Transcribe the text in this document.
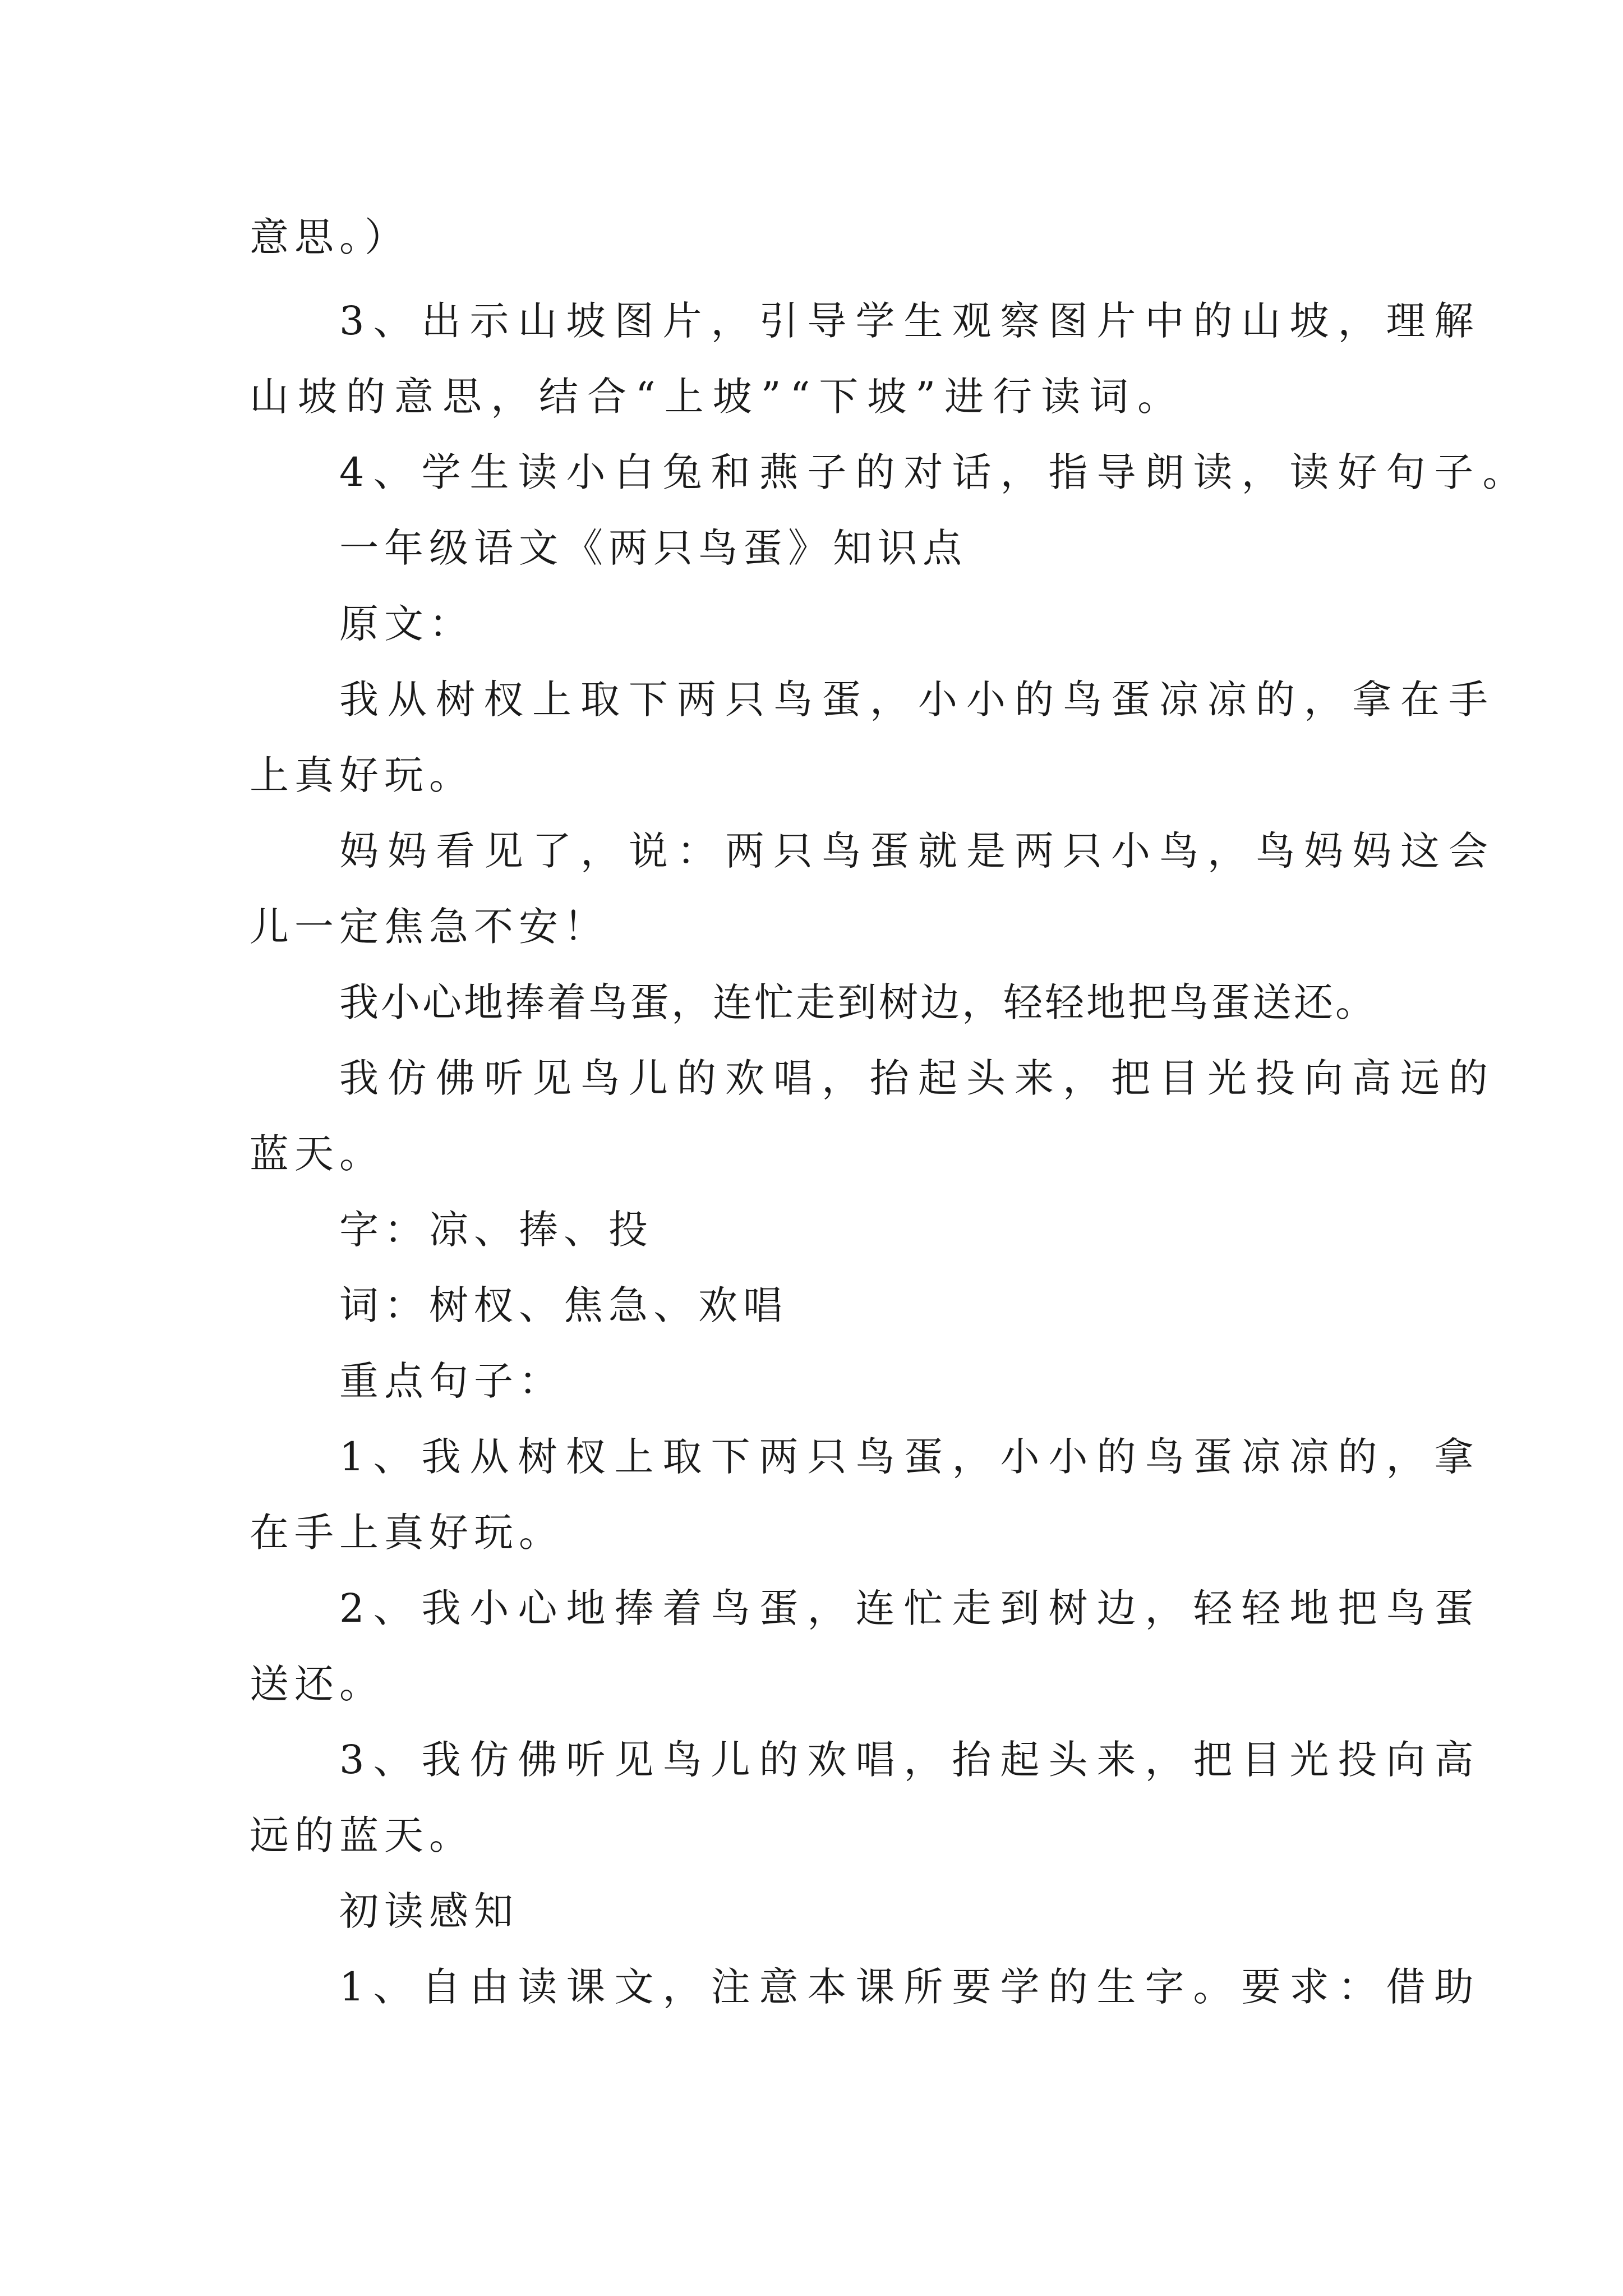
意思。）
3、出示山坡图片，引导学生观察图片中的山坡，理解
山坡的意思，结合“上坡”“下坡”进行读词。
4、学生读小白兔和燕子的对话，指导朗读，读好句子。
一年级语文《两只鸟蛋》知识点
原文：
我从树杈上取下两只鸟蛋，小小的鸟蛋凉凉的，拿在手
上真好玩。
妈妈看见了，说：两只鸟蛋就是两只小鸟，鸟妈妈这会
儿一定焦急不安！
我小心地捧着鸟蛋，连忙走到树边，轻轻地把鸟蛋送还。
我仿佛听见鸟儿的欢唱，抬起头来，把目光投向高远的
蓝天。
字：凉、捧、投
词：树杈、焦急、欢唱
重点句子：
1、我从树杈上取下两只鸟蛋，小小的鸟蛋凉凉的，拿
在手上真好玩。
2、我小心地捧着鸟蛋，连忙走到树边，轻轻地把鸟蛋
送还。
3、我仿佛听见鸟儿的欢唱，抬起头来，把目光投向高
远的蓝天。
初读感知
1、自由读课文，注意本课所要学的生字。要求：借助
